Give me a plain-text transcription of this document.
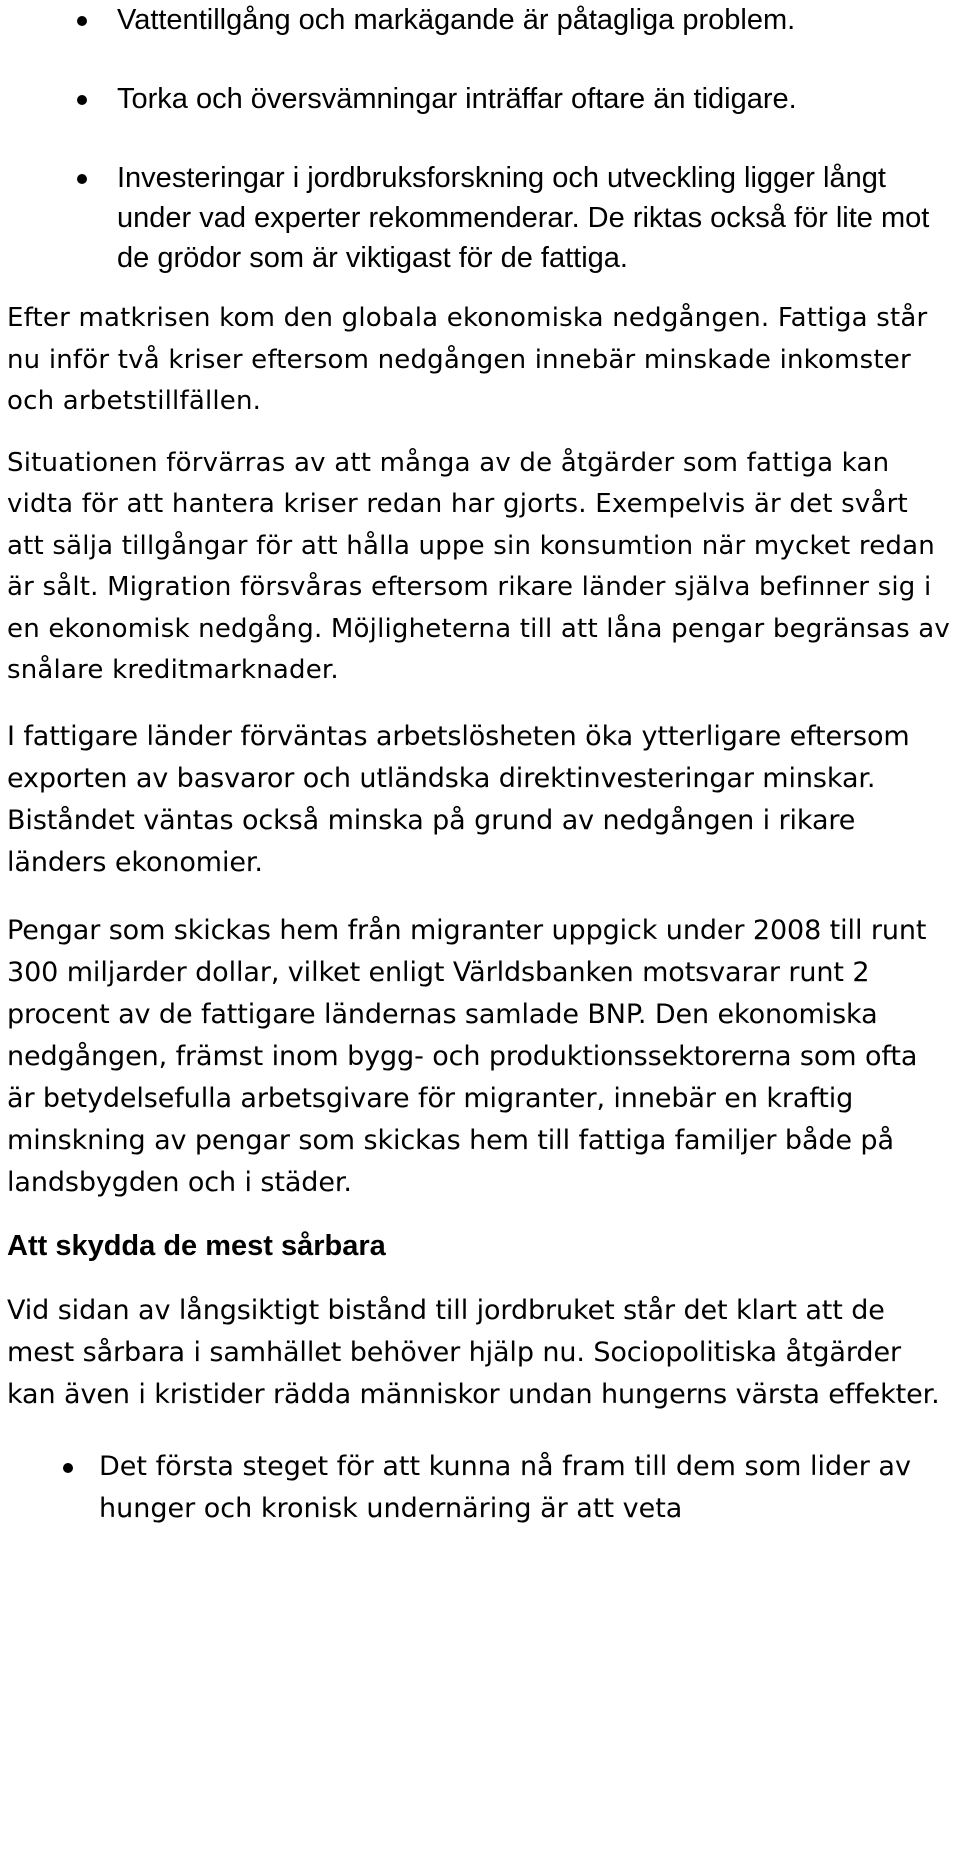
Vattentillgång och markägande är påtagliga problem.
Torka och översvämningar inträffar oftare än tidigare.
Investeringar i jordbruksforskning och utveckling ligger långt under vad experter rekommenderar. De riktas också för lite mot de grödor som är viktigast för de fattiga.

Efter matkrisen kom den globala ekonomiska nedgången. Fattiga står nu inför två kriser eftersom nedgången innebär minskade inkomster och arbetstillfällen.

Situationen förvärras av att många av de åtgärder som fattiga kan vidta för att hantera kriser redan har gjorts. Exempelvis är det svårt att sälja tillgångar för att hålla uppe sin konsumtion när mycket redan är sålt. Migration försvåras eftersom rikare länder själva befinner sig i en ekonomisk nedgång. Möjligheterna till att låna pengar begränsas av snålare kreditmarknader.

I fattigare länder förväntas arbetslösheten öka ytterligare eftersom exporten av basvaror och utländska direktinvesteringar minskar. Biståndet väntas också minska på grund av nedgången i rikare länders ekonomier.

Pengar som skickas hem från migranter uppgick under 2008 till runt 300 miljarder dollar, vilket enligt Världsbanken motsvarar runt 2 procent av de fattigare ländernas samlade BNP. Den ekonomiska nedgången, främst inom bygg- och produktionssektorerna som ofta är betydelsefulla arbetsgivare för migranter, innebär en kraftig minskning av pengar som skickas hem till fattiga familjer både på landsbygden och i städer.

Att skydda de mest sårbara

Vid sidan av långsiktigt bistånd till jordbruket står det klart att de mest sårbara i samhället behöver hjälp nu. Sociopolitiska åtgärder kan även i kristider rädda människor undan hungerns värsta effekter.

Det första steget för att kunna nå fram till dem som lider av hunger och kronisk undernäring är att veta
